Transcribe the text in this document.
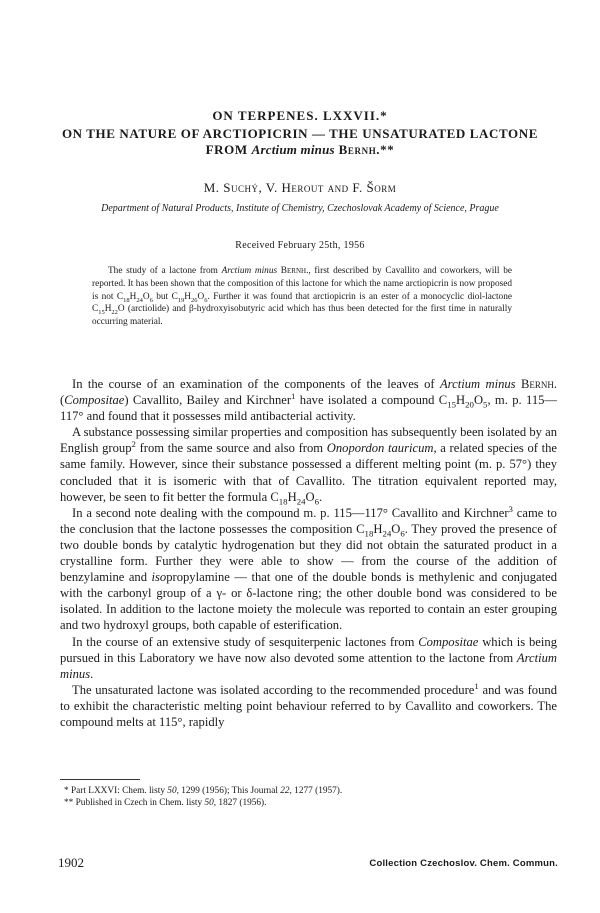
ON TERPENES. LXXVII.*
ON THE NATURE OF ARCTIOPICRIN — THE UNSATURATED LACTONE
FROM Arctium minus Bernh.**
M. Suchý, V. Herout and F. Šorm
Department of Natural Products, Institute of Chemistry, Czechoslovak Academy of Science, Prague
Received February 25th, 1956

The study of a lactone from Arctium minus Bernh., first described by Cavallito and coworkers, will be reported. It has been shown that the composition of this lactone for which the name arctiopicrin is now proposed is not $C_{18}H_{24}O_6$ but $C_{19}H_{26}O_6$. Further it was found that arctiopicrin is an ester of a monocyclic diol-lactone $C_{15}H_{22}O$ (arctiolide) and β-hydroxyisobutyric acid which has thus been detected for the first time in naturally occurring material.

In the course of an examination of the components of the leaves of Arctium minus Bernh. (Compositae) Cavallito, Bailey and Kirchner$^1$ have isolated a compound $C_{15}H_{20}O_5$, m. p. 115—117° and found that it possesses mild antibacterial activity.

A substance possessing similar properties and composition has subsequently been isolated by an English group$^2$ from the same source and also from Onopordon tauricum, a related species of the same family. However, since their substance possessed a different melting point (m. p. 57°) they concluded that it is isomeric with that of Cavallito. The titration equivalent reported may, however, be seen to fit better the formula $C_{18}H_{24}O_6$.

In a second note dealing with the compound m. p. 115—117° Cavallito and Kirchner$^3$ came to the conclusion that the lactone possesses the composition $C_{18}H_{24}O_6$. They proved the presence of two double bonds by catalytic hydrogenation but they did not obtain the saturated product in a crystalline form. Further they were able to show — from the course of the addition of benzylamine and isopropylamine — that one of the double bonds is methylenic and conjugated with the carbonyl group of a γ- or δ-lactone ring; the other double bond was considered to be isolated. In addition to the lactone moiety the molecule was reported to contain an ester grouping and two hydroxyl groups, both capable of esterification.

In the course of an extensive study of sesquiterpenic lactones from Compositae which is being pursued in this Laboratory we have now also devoted some attention to the lactone from Arctium minus.

The unsaturated lactone was isolated according to the recommended procedure$^1$ and was found to exhibit the characteristic melting point behaviour referred to by Cavallito and coworkers. The compound melts at 115°, rapidly

* Part LXXVI: Chem. listy 50, 1299 (1956); This Journal 22, 1277 (1957).
** Published in Czech in Chem. listy 50, 1827 (1956).
1902	Collection Czechoslov. Chem. Commun.
